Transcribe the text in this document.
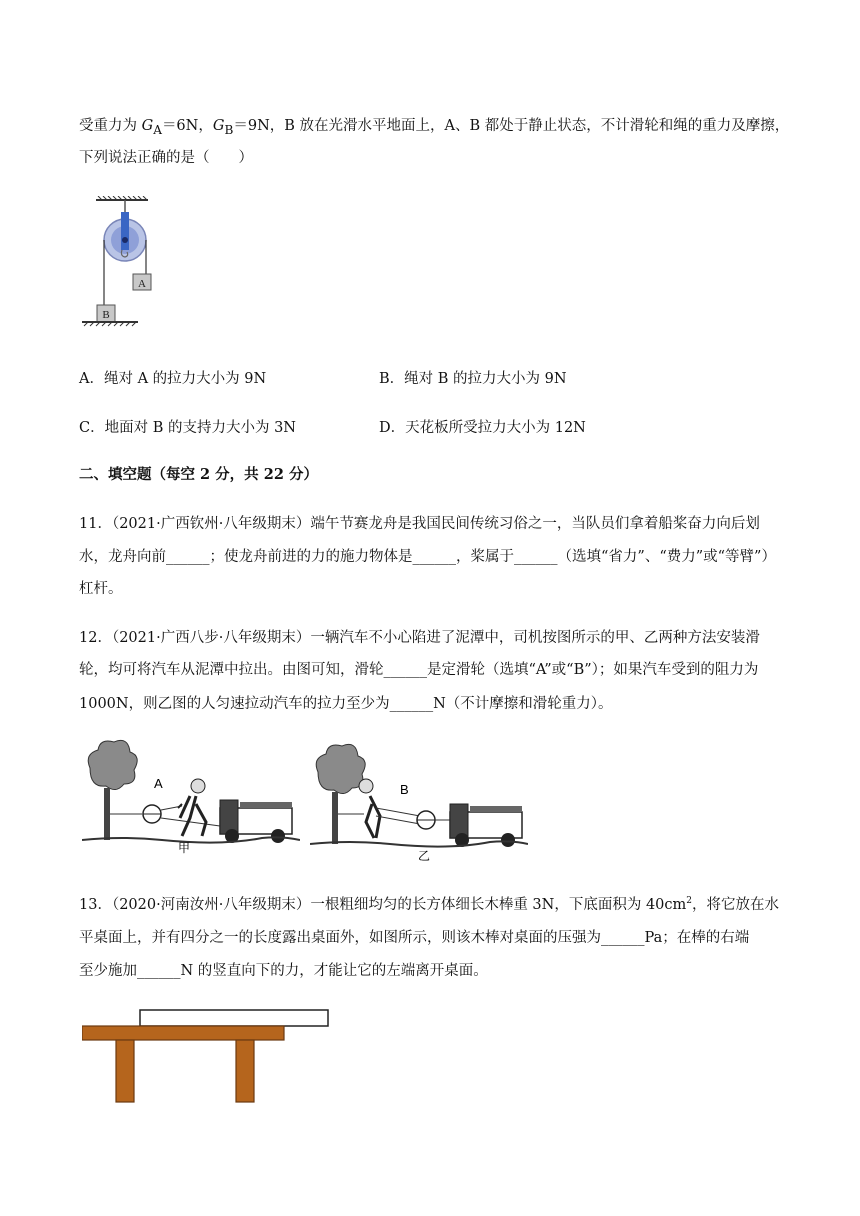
受重力为 $G_A=6N$，$G_B=9N$，B 放在光滑水平地面上，A、B 都处于静止状态，不计滑轮和绳的重力及摩擦，
下列说法正确的是（　　）
A
B
A．绳对 A 的拉力大小为 9N	B．绳对 B 的拉力大小为 9N
C．地面对 B 的支持力大小为 3N	D．天花板所受拉力大小为 12N
二、填空题（每空 2 分，共 22 分）
11．（2021·广西钦州·八年级期末）端午节赛龙舟是我国民间传统习俗之一，当队员们拿着船桨奋力向后划
水，龙舟向前______；使龙舟前进的力的施力物体是______，桨属于______（选填“省力”、“费力”或“等臂”）
杠杆。
12．（2021·广西八步·八年级期末）一辆汽车不小心陷进了泥潭中，司机按图所示的甲、乙两种方法安装滑
轮，均可将汽车从泥潭中拉出。由图可知，滑轮______是定滑轮（选填“A”或“B”）；如果汽车受到的阻力为
1000N，则乙图的人匀速拉动汽车的拉力至少为______N（不计摩擦和滑轮重力）。
A
甲
B
乙
13．（2020·河南汝州·八年级期末）一根粗细均匀的长方体细长木棒重 3N，下底面积为 $40cm^2$，将它放在水
平桌面上，并有四分之一的长度露出桌面外，如图所示，则该木棒对桌面的压强为______Pa；在棒的右端
至少施加______N 的竖直向下的力，才能让它的左端离开桌面。
